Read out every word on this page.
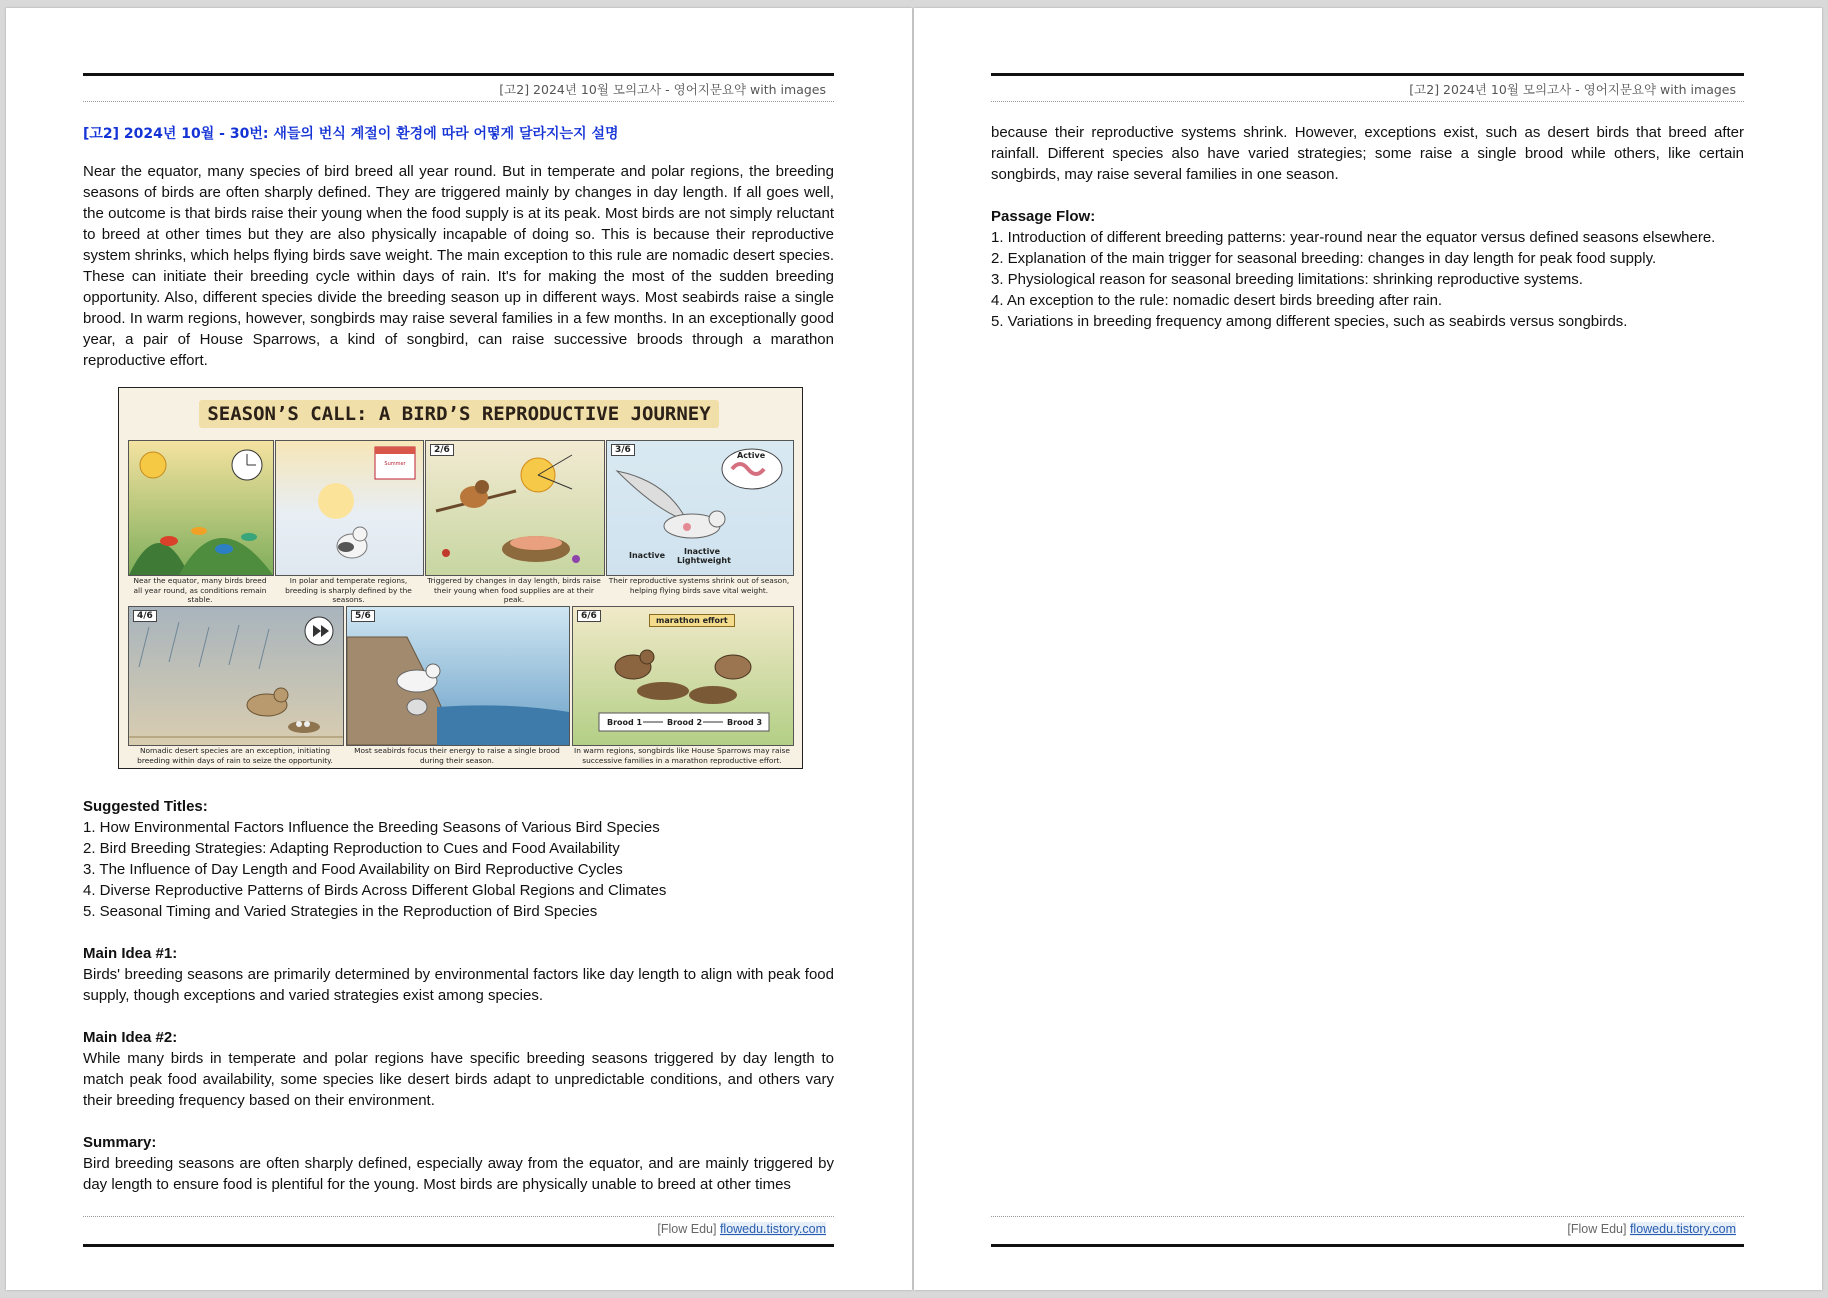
[고2] 2024년 10월 모의고사 - 영어지문요약 with images
[고2] 2024년 10월 - 30번: 새들의 번식 계절이 환경에 따라 어떻게 달라지는지 설명
Near the equator, many species of bird breed all year round. But in temperate and polar regions, the breeding seasons of birds are often sharply defined. They are triggered mainly by changes in day length. If all goes well, the outcome is that birds raise their young when the food supply is at its peak. Most birds are not simply reluctant to breed at other times but they are also physically incapable of doing so. This is because their reproductive system shrinks, which helps flying birds save weight. The main exception to this rule are nomadic desert species. These can initiate their breeding cycle within days of rain. It's for making the most of the sudden breeding opportunity. Also, different species divide the breeding season up in different ways. Most seabirds raise a single brood. In warm regions, however, songbirds may raise several families in a few months. In an exceptionally good year, a pair of House Sparrows, a kind of songbird, can raise successive broods through a marathon reproductive effort.
SEASON’S CALL: A BIRD’S REPRODUCTIVE JOURNEY
Summer
2/6	3/6
Active
Inactive	Inactive Lightweight
Near the equator, many birds breed all year round, as conditions remain stable.
In polar and temperate regions, breeding is sharply defined by the seasons.
Triggered by changes in day length, birds raise their young when food supplies are at their peak.
Their reproductive systems shrink out of season, helping flying birds save vital weight.
4/6	5/6	6/6	marathon effort
Brood 1	Brood 2	Brood 3
Nomadic desert species are an exception, initiating breeding within days of rain to seize the opportunity.
Most seabirds focus their energy to raise a single brood during their season.
In warm regions, songbirds like House Sparrows may raise successive families in a marathon reproductive effort.
Suggested Titles:
1. How Environmental Factors Influence the Breeding Seasons of Various Bird Species
2. Bird Breeding Strategies: Adapting Reproduction to Cues and Food Availability
3. The Influence of Day Length and Food Availability on Bird Reproductive Cycles
4. Diverse Reproductive Patterns of Birds Across Different Global Regions and Climates
5. Seasonal Timing and Varied Strategies in the Reproduction of Bird Species
Main Idea #1:
Birds' breeding seasons are primarily determined by environmental factors like day length to align with peak food supply, though exceptions and varied strategies exist among species.
Main Idea #2:
While many birds in temperate and polar regions have specific breeding seasons triggered by day length to match peak food availability, some species like desert birds adapt to unpredictable conditions, and others vary their breeding frequency based on their environment.
Summary:
Bird breeding seasons are often sharply defined, especially away from the equator, and are mainly triggered by day length to ensure food is plentiful for the young. Most birds are physically unable to breed at other times
[Flow Edu] flowedu.tistory.com
[고2] 2024년 10월 모의고사 - 영어지문요약 with images
because their reproductive systems shrink. However, exceptions exist, such as desert birds that breed after rainfall. Different species also have varied strategies; some raise a single brood while others, like certain songbirds, may raise several families in one season.
Passage Flow:
1. Introduction of different breeding patterns: year-round near the equator versus defined seasons elsewhere.
2. Explanation of the main trigger for seasonal breeding: changes in day length for peak food supply.
3. Physiological reason for seasonal breeding limitations: shrinking reproductive systems.
4. An exception to the rule: nomadic desert birds breeding after rain.
5. Variations in breeding frequency among different species, such as seabirds versus songbirds.
[Flow Edu] flowedu.tistory.com
